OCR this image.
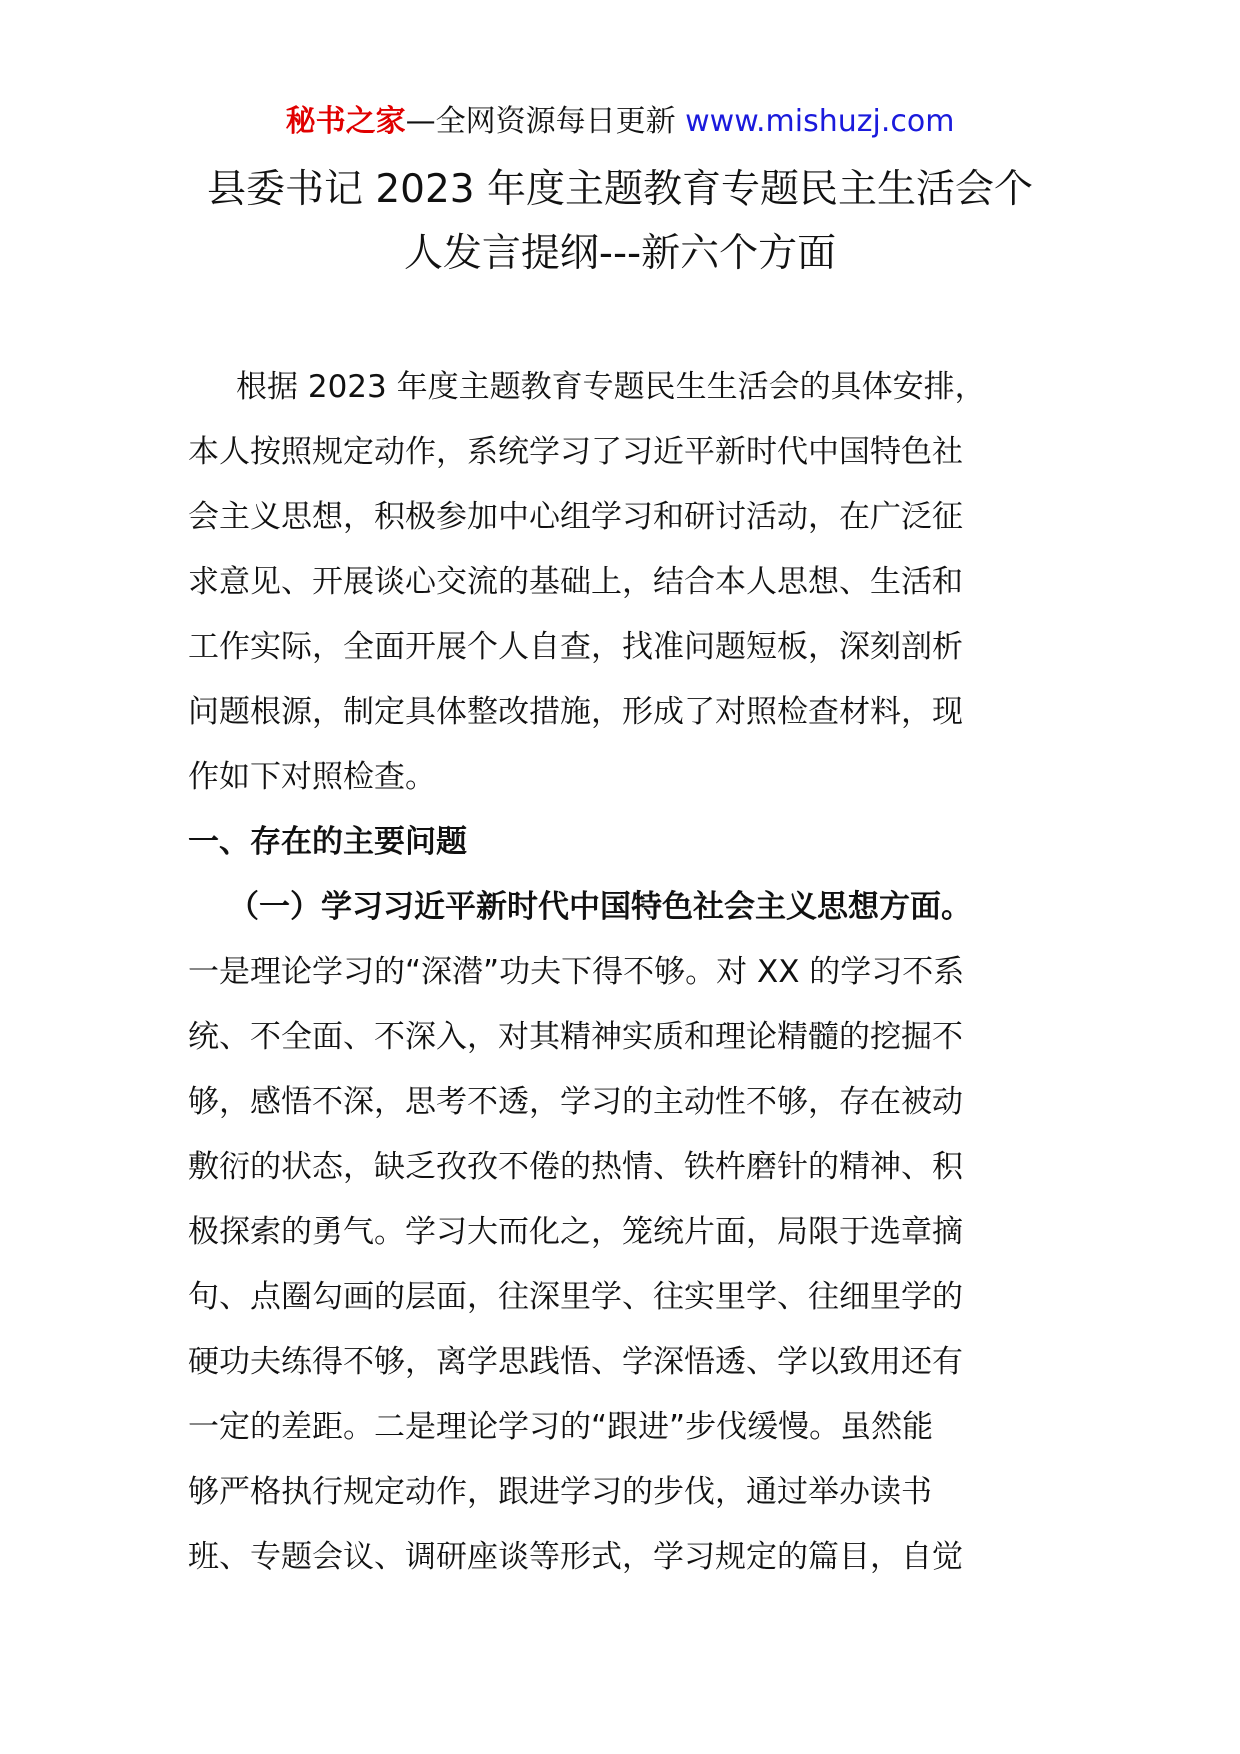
秘书之家—全网资源每日更新 www.mishuzj.com
县委书记 2023 年度主题教育专题民主生活会个
人发言提纲---新六个方面
根据 2023 年度主题教育专题民生生活会的具体安排，
本人按照规定动作，系统学习了习近平新时代中国特色社
会主义思想，积极参加中心组学习和研讨活动，在广泛征
求意见、开展谈心交流的基础上，结合本人思想、生活和
工作实际，全面开展个人自查，找准问题短板，深刻剖析
问题根源，制定具体整改措施，形成了对照检查材料，现
作如下对照检查。
一、存在的主要问题
（一）学习习近平新时代中国特色社会主义思想方面。
一是理论学习的“深潜”功夫下得不够。对 XX 的学习不系
统、不全面、不深入，对其精神实质和理论精髓的挖掘不
够，感悟不深，思考不透，学习的主动性不够，存在被动
敷衍的状态，缺乏孜孜不倦的热情、铁杵磨针的精神、积
极探索的勇气。学习大而化之，笼统片面，局限于选章摘
句、点圈勾画的层面，往深里学、往实里学、往细里学的
硬功夫练得不够，离学思践悟、学深悟透、学以致用还有
一定的差距。二是理论学习的“跟进”步伐缓慢。虽然能
够严格执行规定动作，跟进学习的步伐，通过举办读书
班、专题会议、调研座谈等形式，学习规定的篇目，自觉
